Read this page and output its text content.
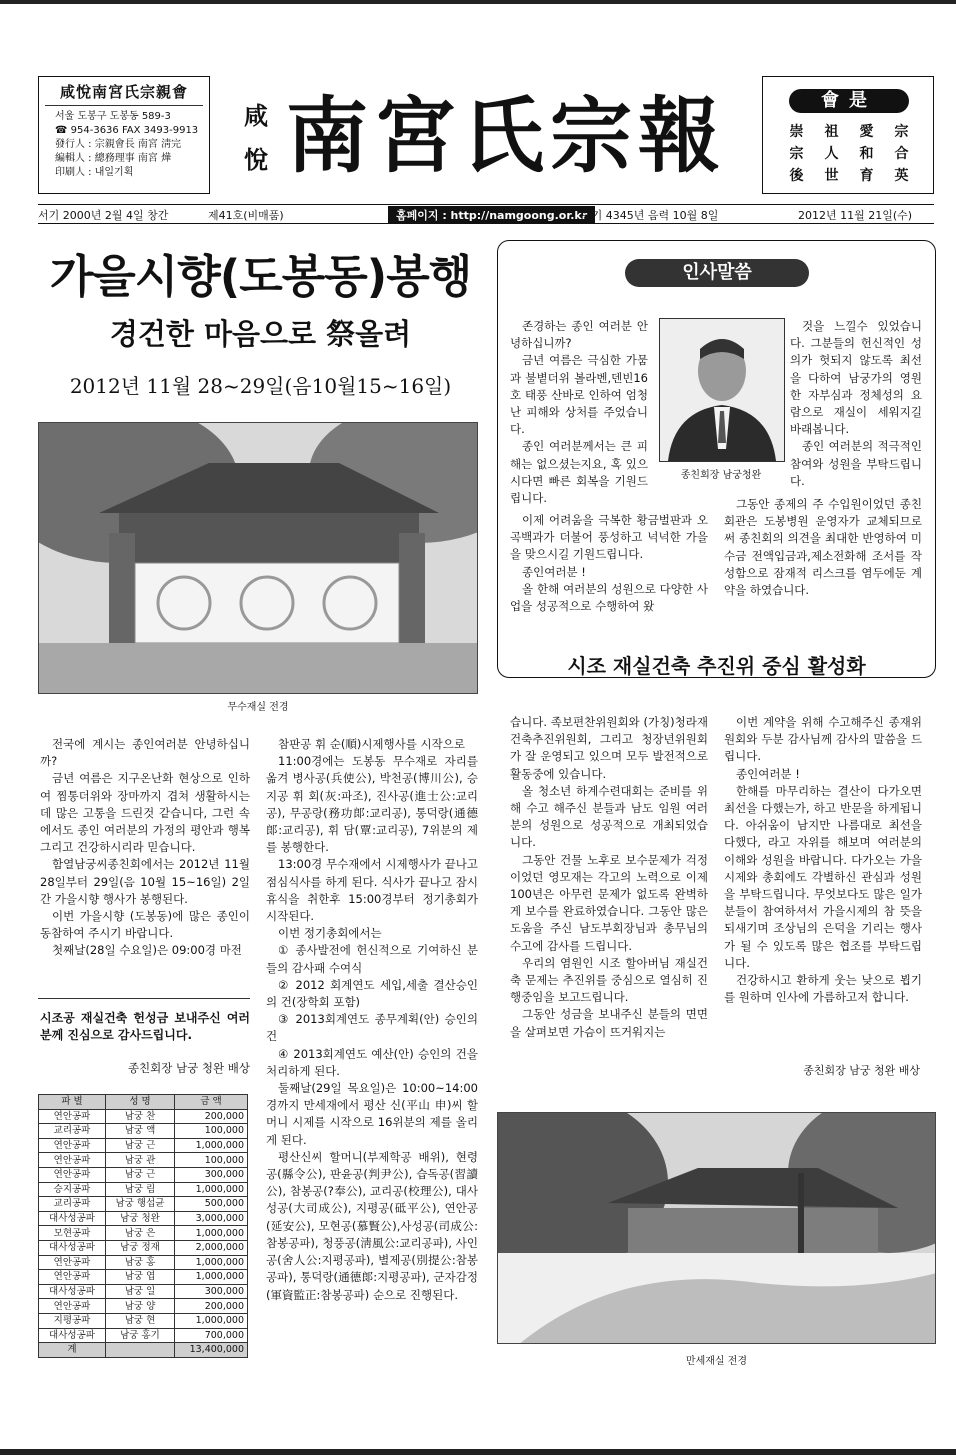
咸悅南宮氏宗親會
서울 도봉구 도봉동 589-3
☎ 954-3636 FAX 3493-9913
發行人 : 宗親會長 南宮 淸完
編輯人 : 總務理事 南宮 燁
印刷人 : 내일기획
咸
悅 南宮氏宗報	會是
崇	祖	愛	宗
宗	人	和	合
後	世	育	英
서기 2000년 2월 4일 창간	제41호(비매품)	홈페이지 : http://namgoong.or.kr
단기 4345년 음력 10월 8일	2012년 11월 21일(수)
가을시향(도봉동)봉행
경건한 마음으로 祭올려
2012년 11월 28~29일(음10월15~16일)
무수재실 전경

전국에 계시는 종인여러분 안녕하십니까?

금년 여름은 지구온난화 현상으로 인하여 찜통더위와 장마까지 겹쳐 생활하시는데 많은 고통을 드린것 같습니다, 그런 속에서도 종인 여러분의 가정의 평안과 행복 그리고 건강하시리라 믿습니다.

함열남궁씨종친회에서는 2012년 11월 28일부터 29일(음 10월 15~16일) 2일간 가을시향 행사가 봉행된다.

이번 가을시향 (도봉동)에 많은 종인이 동참하여 주시기 바랍니다.

첫째날(28일 수요일)은 09:00경 마전

시조공 재실건축 헌성금 보내주신 여러분께 진심으로 감사드립니다.
종친회장 남궁 청완 배상
파 별	성 명	금 액
연안공파	남궁 찬	200,000
교리공파	남궁 액	100,000
연안공파	남궁 근	1,000,000
연안공파	남궁 관	100,000
연안공파	남궁 근	300,000
승지공파	남궁 림	1,000,000
교리공파	남궁 행섭균	500,000
대사성공파	남궁 청완	3,000,000
모현공파	남궁 은	1,000,000
대사성공파	남궁 정재	2,000,000
연안공파	남궁 홍	1,000,000
연안공파	남궁 엽	1,000,000
대사성공파	남궁 일	300,000
연안공파	남궁 양	200,000
지평공파	남궁 현	1,000,000
대사성공파	남궁 홍기	700,000
계		13,400,000

참판공 휘 순(順)시제행사를 시작으로

11:00경에는 도봉동 무수재로 자리를 옮겨 병사공(兵使公), 박천공(博川公), 승지공 휘 회(灰:파조), 진사공(進士公:교리공), 무공랑(務功郞:교리공), 통덕랑(通德郞:교리공), 휘 담(覃:교리공), 7위분의 제를 봉행한다.

13:00경 무수재에서 시제행사가 끝나고 점심식사를 하게 된다. 식사가 끝나고 잠시 휴식을 취한후 15:00경부터 정기총회가 시작된다.

이번 정기총회에서는

① 종사발전에 헌신적으로 기여하신 분들의 감사패 수여식

② 2012 회계연도 세입,세출 결산승인의 건(장학회 포함)

③ 2013회계연도 종무계획(안) 승인의 건

④ 2013회계연도 예산(안) 승인의 건을 처리하게 된다.

둘째날(29일 목요일)은 10:00~14:00경까지 만세재에서 평산 신(平山 申)씨 할머니 시제를 시작으로 16위분의 제를 올리게 된다.

평산신씨 할머니(부제학공 배위), 현령공(縣令公), 판윤공(判尹公), 습독공(習讀公), 참봉공(?奉公), 교리공(校理公), 대사성공(大司成公), 지평공(砥平公), 연안공(延安公), 모현공(慕賢公),사성공(司成公:참봉공파), 청풍공(淸風公:교리공파), 사인공(舍人公:지평공파), 별제공(別提公:참봉공파), 통덕랑(通德郞:지평공파), 군자감정(軍資監正:참봉공파) 순으로 진행된다.

인사말씀

존경하는 종인 여러분 안녕하십니까?

금년 여름은 극심한 가뭄과 불볕더위 볼라벤,덴빈16호 태풍 산바로 인하여 엄청난 피해와 상처를 주었습니다.

종인 여러분께서는 큰 피해는 없으셨는지요, 혹 있으시다면 빠른 회복을 기원드립니다.

종친회장 남궁청완

이제 어려움을 극복한 황금벌판과 오곡백과가 더불어 풍성하고 넉넉한 가을을 맞으시길 기원드립니다.

종인여러분 !

올 한해 여러분의 성원으로 다양한 사업을 성공적으로 수행하여 왔

것을 느낄수 있었습니다. 그분들의 헌신적인 성의가 헛되지 않도록 최선을 다하여 남궁가의 영원한 자부심과 정체성의 요람으로 재실이 세워지길 바래봅니다.

종인 여러분의 적극적인 참여와 성원을 부탁드립니다.

그동안 종제의 주 수입원이었던 종친회관은 도봉병원 운영자가 교체되므로써 종친회의 의견을 최대한 반영하여 미수금 전액입금과,제소전화해 조서를 작성함으로 잠재적 리스크를 염두에둔 계약을 하였습니다.

시조 재실건축 추진위 중심 활성화

습니다. 족보편찬위원회와 (가칭)청라재 건축추진위원회, 그리고 청장년위원회가 잘 운영되고 있으며 모두 발전적으로 활동중에 있습니다.

올 청소년 하계수련대회는 준비를 위해 수고 해주신 분들과 남도 임원 여러분의 성원으로 성공적으로 개최되었습니다.

그동안 건물 노후로 보수문제가 걱정이었던 영모재는 각고의 노력으로 이제 100년은 아무런 문제가 없도록 완벽하게 보수를 완료하였습니다. 그동안 많은 도움을 주신 남도부회장님과 총무님의 수고에 감사를 드립니다.

우리의 염원인 시조 할아버님 재실건축 문제는 추진위를 중심으로 열심히 진행중임을 보고드립니다.

그동안 성금을 보내주신 분들의 면면을 살펴보면 가슴이 뜨거워지는

이번 계약을 위해 수고해주신 종재위원회와 두분 감사님께 감사의 말씀을 드립니다.

종인여러분 !

한해를 마무리하는 결산이 다가오면 최선을 다했는가, 하고 반문을 하게됩니다. 아쉬움이 남지만 나름대로 최선을 다했다, 라고 자위를 해보며 여러분의 이해와 성원을 바랍니다. 다가오는 가을 시제와 총회에도 각별하신 관심과 성원을 부탁드립니다. 무엇보다도 많은 일가분들이 참여하셔서 가을시제의 참 뜻을 되새기며 조상님의 은덕을 기리는 행사가 될 수 있도록 많은 협조를 부탁드립니다.

건강하시고 환하게 웃는 낮으로 뵙기를 원하며 인사에 가름하고저 합니다.

종친회장 남궁 청완 배상
만세재실 전경
